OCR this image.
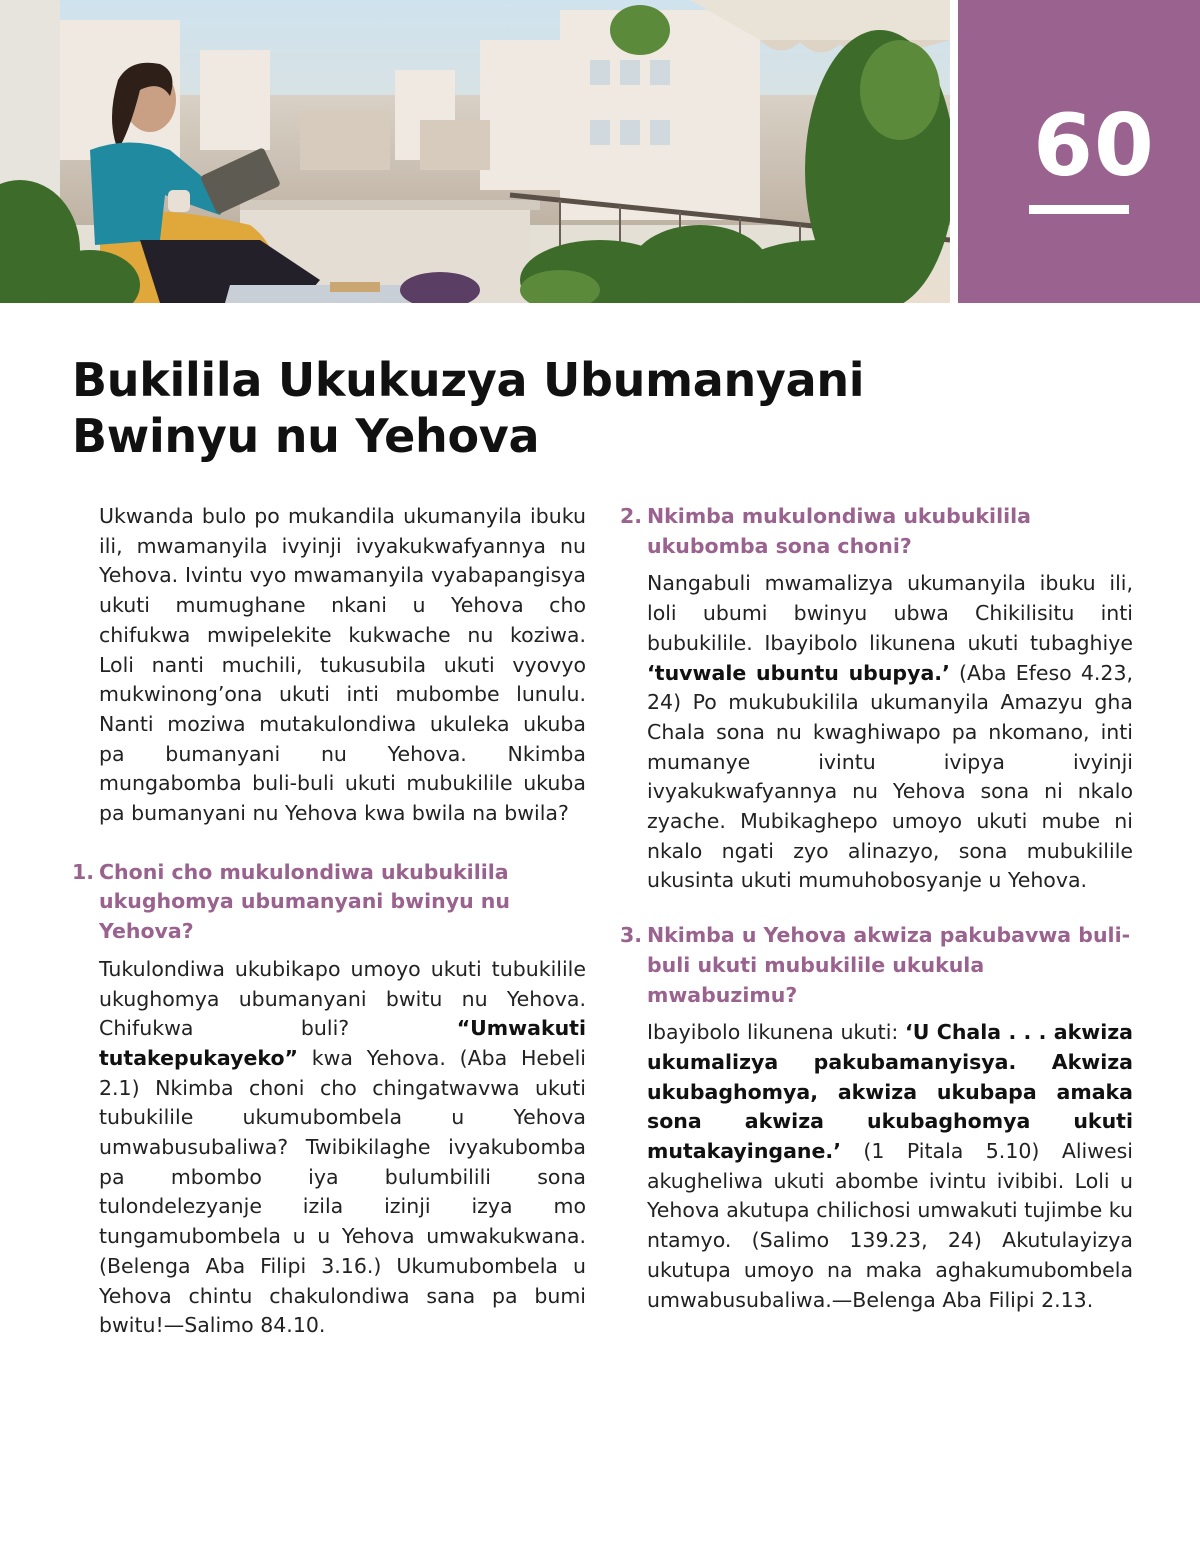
60
Bukilila Ukukuzya Ubumanyani
Bwinyu nu Yehova

Ukwanda bulo po mukandila ukumanyila ibuku ili, mwamanyila ivyinji ivyakukwafyannya nu Yehova. Ivintu vyo mwamanyila vyabapangisya ukuti mumughane nkani u Yehova cho chifukwa mwipelekite kukwache nu koziwa. Loli nanti muchili, tukusubila ukuti vyovyo mukwinong’ona ukuti inti mubombe lunulu. Nanti moziwa mutakulondiwa ukuleka ukuba pa bumanyani nu Yehova. Nkimba mungabomba buli-buli ukuti mubukilile ukuba pa bumanyani nu Yehova kwa bwila na bwila?

1. Choni cho mukulondiwa ukubukililа ukughomya ubumanyani bwinyu nu Yehova?

Tukulondiwa ukubikapo umoyo ukuti tubukilile ukughomya ubumanyani bwitu nu Yehova. Chifukwa buli? “Umwakuti tutakepukayeko” kwa Yehova. (Aba Hebeli 2.1) Nkimba choni cho chingatwavwa ukuti tubukilile ukumubombela u Yehova umwabusubaliwa? Twibikilaghe ivyakubomba pa mbombo iya bulumbilili sona tulondelezyanje izila izinji izya mo tungamubombela u u Yehova umwakukwana. (Belenga Aba Filipi 3.16.) Ukumubombela u Yehova chintu chakulondiwa sana pa bumi bwitu!—Salimo 84.10.

2. Nkimba mukulondiwa ukubukilila ukubomba sona choni?

Nangabuli mwamalizya ukumanyila ibuku ili, loli ubumi bwinyu ubwa Chikilisitu inti bubukilile. Ibayibolo likunena ukuti tubaghiye ‘tuvwale ubuntu ubupya.’ (Aba Efeso 4.23, 24) Po mukubukilila ukumanyila Amazyu gha Chala sona nu kwaghiwapo pa nkomano, inti mumanye ivintu ivipya ivyinji ivyakukwafyannya nu Yehova sona ni nkalo zyache. Mubikaghepo umoyo ukuti mube ni nkalo ngati zyo alinazyo, sona mubukilile ukusinta ukuti mumuhobosyanje u Yehova.

3. Nkimba u Yehova akwiza pakubavwa buli-buli ukuti mubukilile ukukula mwabuzimu?

Ibayibolo likunena ukuti: ‘U Chala . . . akwiza ukumalizya pakubamanyisya. Akwiza ukubaghomya, akwiza ukubapa amaka sona akwiza ukubaghomya ukuti mutakayingane.’ (1 Pitala 5.10) Aliwesi akugheliwa ukuti abombe ivintu ivibibi. Loli u Yehova akutupa chilichosi umwakuti tujimbe ku ntamyo. (Salimo 139.23, 24) Akutulayizya ukutupa umoyo na maka aghakumubombela umwabusubaliwa.—Belenga Aba Filipi 2.13.
